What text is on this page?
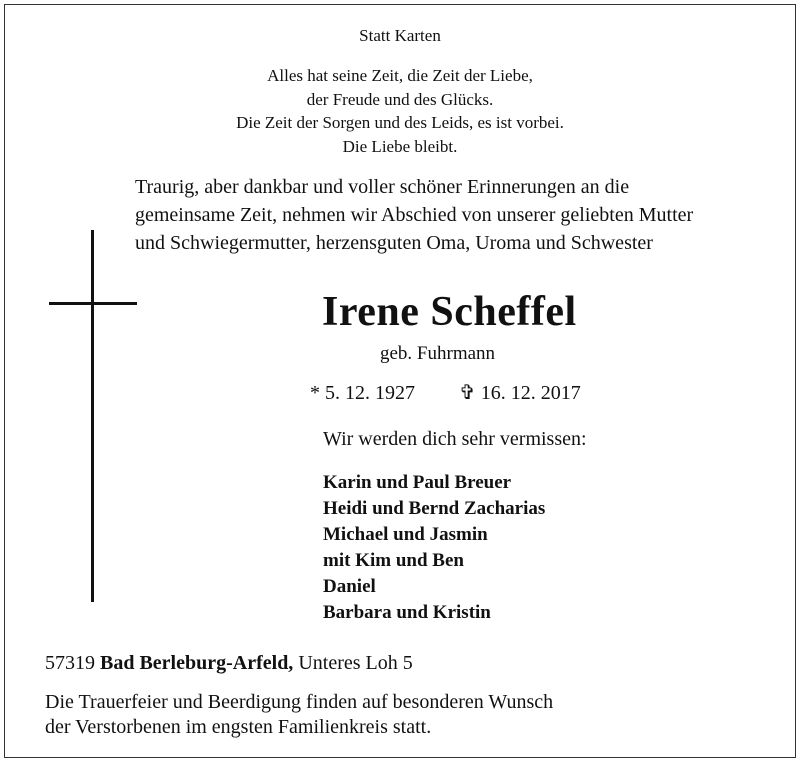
Statt Karten
Alles hat seine Zeit, die Zeit der Liebe,
der Freude und des Glücks.
Die Zeit der Sorgen und des Leids, es ist vorbei.
Die Liebe bleibt.
Traurig, aber dankbar und voller schöner Erinnerungen an die
gemeinsame Zeit, nehmen wir Abschied von unserer geliebten Mutter
und Schwiegermutter, herzensguten Oma, Uroma und Schwester
Irene Scheffel
geb. Fuhrmann
* 5. 12. 1927 ✞ 16. 12. 2017
Wir werden dich sehr vermissen:
Karin und Paul Breuer
Heidi und Bernd Zacharias
Michael und Jasmin
mit Kim und Ben
Daniel
Barbara und Kristin
57319 Bad Berleburg-Arfeld, Unteres Loh 5
Die Trauerfeier und Beerdigung finden auf besonderen Wunsch
der Verstorbenen im engsten Familienkreis statt.
